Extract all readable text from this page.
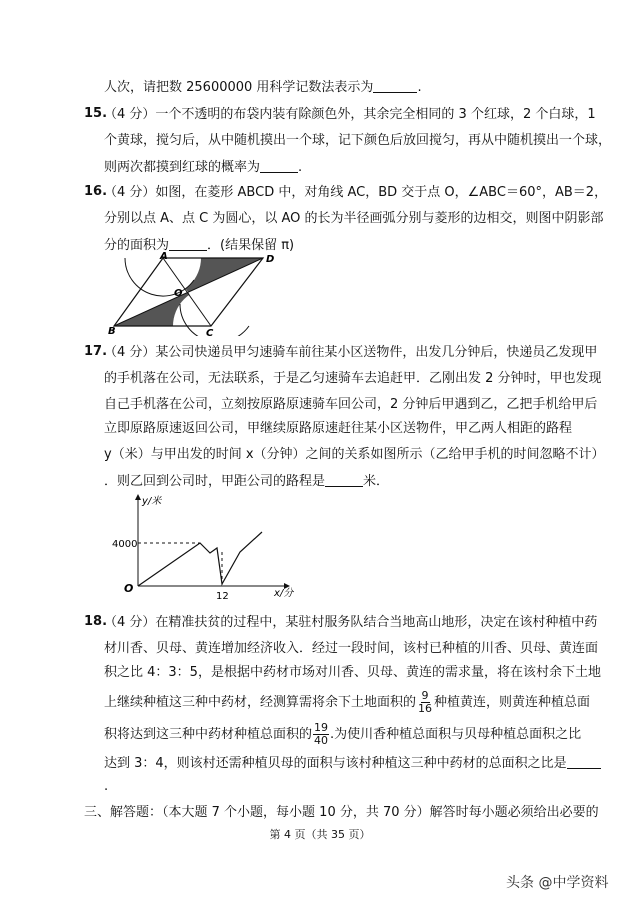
人次，请把数 25600000 用科学记数法表示为	.
15.
（4 分）一个不透明的布袋内装有除颜色外，其余完全相同的 3 个红球，2 个白球，1
个黄球，搅匀后，从中随机摸出一个球，记下颜色后放回搅匀，再从中随机摸出一个球，
则两次都摸到红球的概率为	.
16.
（4 分）如图，在菱形 ABCD 中，对角线 AC，BD 交于点 O，∠ABC＝60°，AB＝2，
分别以点 A、点 C 为圆心，以 AO 的长为半径画弧分别与菱形的边相交，则图中阴影部
分的面积为	．(结果保留 π)
A	D
B	C
O
17.
（4 分）某公司快递员甲匀速骑车前往某小区送物件，出发几分钟后，快递员乙发现甲
的手机落在公司，无法联系，于是乙匀速骑车去追赶甲．乙刚出发 2 分钟时，甲也发现
自己手机落在公司，立刻按原路原速骑车回公司，2 分钟后甲遇到乙，乙把手机给甲后
立即原路原速返回公司，甲继续原路原速赶往某小区送物件，甲乙两人相距的路程
y（米）与甲出发的时间 x（分钟）之间的关系如图所示（乙给甲手机的时间忽略不计）
．则乙回到公司时，甲距公司的路程是	米．
y/米
x/分
O
4000
12
18.
（4 分）在精准扶贫的过程中，某驻村服务队结合当地高山地形，决定在该村种植中药
材川香、贝母、黄连增加经济收入．经过一段时间，该村已种植的川香、贝母、黄连面
积之比 4：3：5，是根据中药材市场对川香、贝母、黄连的需求量，将在该村余下土地
上继续种植这三种中药材，经测算需将余下土地面积的 $\frac{9}{16}$ 种植黄连，则黄连种植总面
积将达到这三种中药材种植总面积的 $\frac{19}{40}$ .为使川香种植总面积与贝母种植总面积之比
达到 3：4，则该村还需种植贝母的面积与该村种植这三种中药材的总面积之比是
.
三、解答题：（本大题 7 个小题，每小题 10 分，共 70 分）解答时每小题必须给出必要的
第 4 页（共 35 页）
头条 @中学资料
